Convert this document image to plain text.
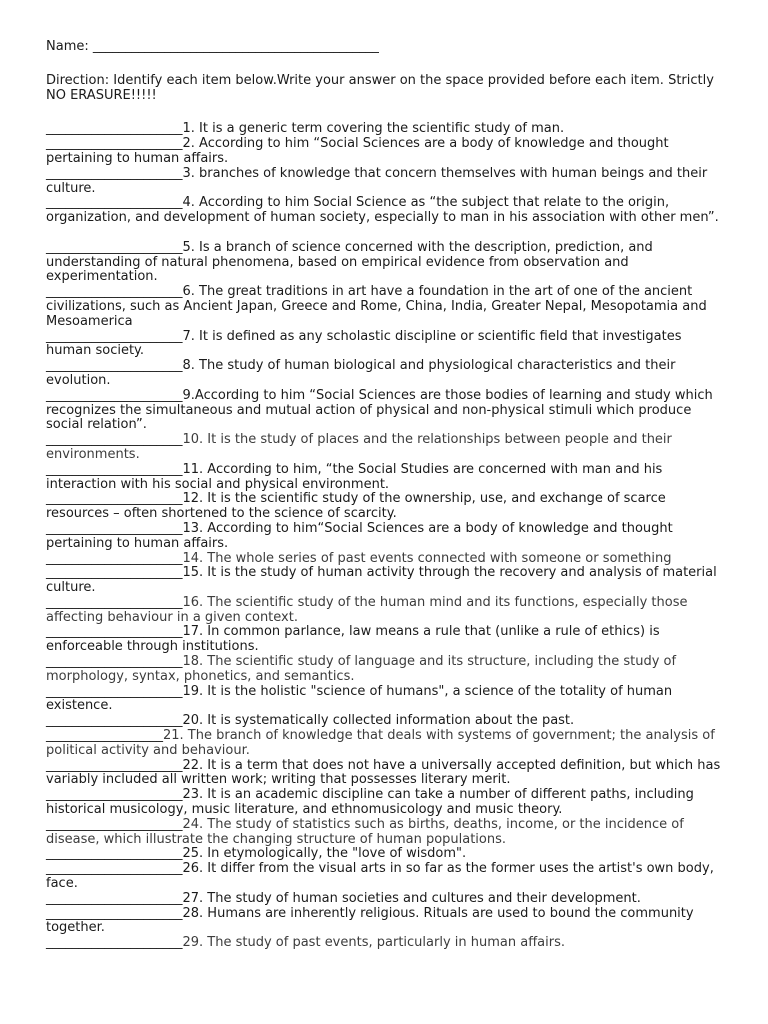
Name: ____________________________________________
Direction: Identify each item below.Write your answer on the space provided before each item. Strictly NO ERASURE!!!!!
_____________________1. It is a generic term covering the scientific study of man.
_____________________2. According to him “Social Sciences are a body of knowledge and thought pertaining to human affairs.
_____________________3. branches of knowledge that concern themselves with human beings and their culture.
_____________________4. According to him Social Science as “the subject that relate to the origin, organization, and development of human society, especially to man in his association with other men”.
_____________________5. Is a branch of science concerned with the description, prediction, and understanding of natural phenomena, based on empirical evidence from observation and experimentation.
_____________________6. The great traditions in art have a foundation in the art of one of the ancient civilizations, such as Ancient Japan, Greece and Rome, China, India, Greater Nepal, Mesopotamia and Mesoamerica
_____________________7. It is defined as any scholastic discipline or scientific field that investigates human society.
_____________________8. The study of human biological and physiological characteristics and their evolution.
_____________________9.According to him “Social Sciences are those bodies of learning and study which recognizes the simultaneous and mutual action of physical and non-physical stimuli which produce social relation”.
_____________________10. It is the study of places and the relationships between people and their environments.
_____________________11. According to him, “the Social Studies are concerned with man and his interaction with his social and physical environment.
_____________________12. It is the scientific study of the ownership, use, and exchange of scarce resources – often shortened to the science of scarcity.
_____________________13. According to him“Social Sciences are a body of knowledge and thought pertaining to human affairs.
_____________________14. The whole series of past events connected with someone or something
_____________________15. It is the study of human activity through the recovery and analysis of material culture.
_____________________16. The scientific study of the human mind and its functions, especially those affecting behaviour in a given context.
_____________________17. In common parlance, law means a rule that (unlike a rule of ethics) is enforceable through institutions.
_____________________18. The scientific study of language and its structure, including the study of morphology, syntax, phonetics, and semantics.
_____________________19. It is the holistic "science of humans", a science of the totality of human existence.
_____________________20. It is systematically collected information about the past.
__________________21. The branch of knowledge that deals with systems of government; the analysis of political activity and behaviour.
_____________________22. It is a term that does not have a universally accepted definition, but which has variably included all written work; writing that possesses literary merit.
_____________________23. It is an academic discipline can take a number of different paths, including historical musicology, music literature, and ethnomusicology and music theory.
_____________________24. The study of statistics such as births, deaths, income, or the incidence of disease, which illustrate the changing structure of human populations.
_____________________25. In etymologically, the "love of wisdom".
_____________________26. It differ from the visual arts in so far as the former uses the artist's own body, face.
_____________________27. The study of human societies and cultures and their development.
_____________________28. Humans are inherently religious. Rituals are used to bound the community together.
_____________________29. The study of past events, particularly in human affairs.
